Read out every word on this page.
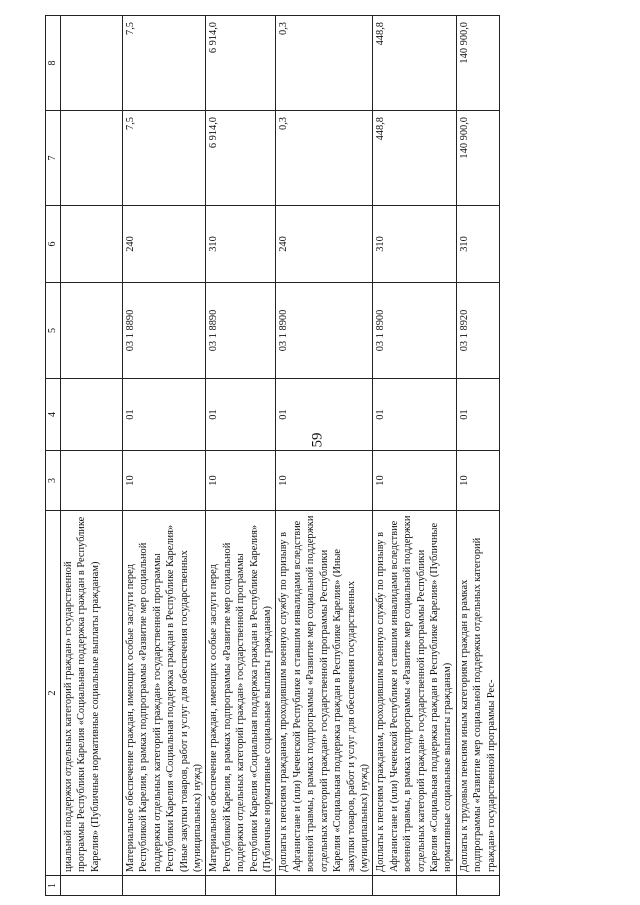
59
1	2	3	4	5	6	7	8
	циальной поддержки отдельных категорий граждан» государственной программы Республики Карелия «Социальная поддержка граждан в Республике Карелия» (Публичные нормативные социальные выплаты гражданам)						
	Материальное обеспечение граждан, имеющих особые заслуги перед Республикой Карелия, в рамках подпрограммы «Развитие мер социальной поддержки отдельных категорий граждан» государственной программы Республики Карелия «Социальная поддержка граждан в Республике Карелия» (Иные закупки товаров, работ и услуг для обеспечения государственных (муниципальных) нужд)	10	01	03 1 8890	240	7,5	7,5
	Материальное обеспечение граждан, имеющих особые заслуги перед Республикой Карелия, в рамках подпрограммы «Развитие мер социальной поддержки отдельных категорий граждан» государственной программы Республики Карелия «Социальная поддержка граждан в Республике Карелия» (Публичные нормативные социальные выплаты гражданам)	10	01	03 1 8890	310	6 914,0	6 914,0
	Доплаты к пенсиям гражданам, проходившим военную службу по призыву в Афганистане и (или) Чеченской Республике и ставшим инвалидами вследствие военной травмы, в рамках подпрограммы «Развитие мер социальной поддержки отдельных категорий граждан» государственной программы Республики Карелия «Социальная поддержка граждан в Республике Карелия» (Иные закупки товаров, работ и услуг для обеспечения государственных (муниципальных) нужд)	10	01	03 1 8900	240	0,3	0,3
	Доплаты к пенсиям гражданам, проходившим военную службу по призыву в Афганистане и (или) Чеченской Республике и ставшим инвалидами вследствие военной травмы, в рамках подпрограммы «Развитие мер социальной поддержки отдельных категорий граждан» государственной программы Республики Карелия «Социальная поддержка граждан в Республике Карелия» (Публичные нормативные социальные выплаты гражданам)	10	01	03 1 8900	310	448,8	448,8
	Доплаты к трудовым пенсиям иным категориям граждан в рамках подпрограммы «Развитие мер социальной поддержки отдельных категорий граждан» государственной программы Рес-	10	01	03 1 8920	310	140 900,0	140 900,0
